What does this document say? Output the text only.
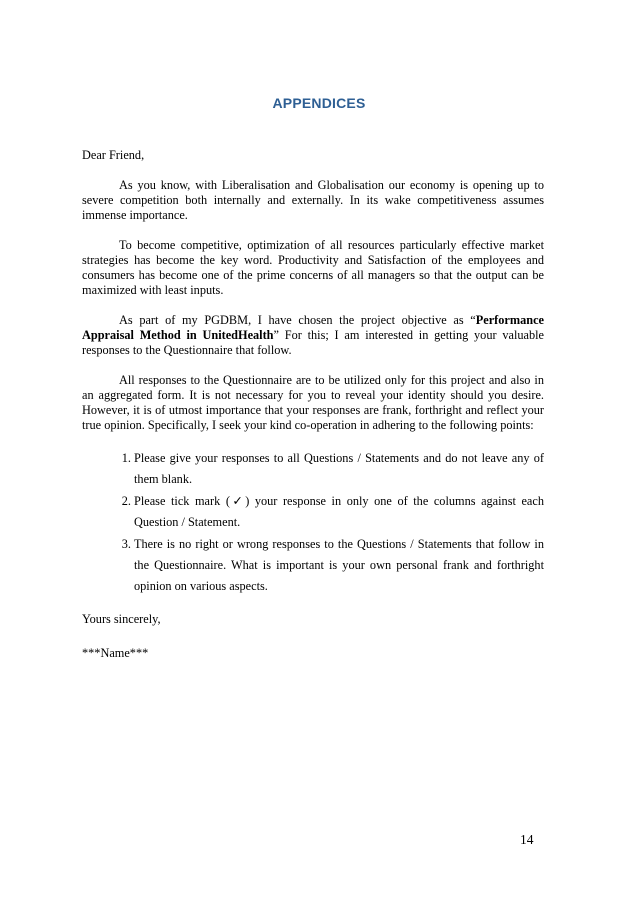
APPENDICES

Dear Friend,

As you know, with Liberalisation and Globalisation our economy is opening up to severe competition both internally and externally. In its wake competitiveness assumes immense importance.

To become competitive, optimization of all resources particularly effective market strategies has become the key word. Productivity and Satisfaction of the employees and consumers has become one of the prime concerns of all managers so that the output can be maximized with least inputs.

As part of my PGDBM, I have chosen the project objective as “Performance Appraisal Method in UnitedHealth” For this; I am interested in getting your valuable responses to the Questionnaire that follow.

All responses to the Questionnaire are to be utilized only for this project and also in an aggregated form. It is not necessary for you to reveal your identity should you desire. However, it is of utmost importance that your responses are frank, forthright and reflect your true opinion. Specifically, I seek your kind co-operation in adhering to the following points:

1. Please give your responses to all Questions / Statements and do not leave any of them blank.
2. Please tick mark (✓) your response in only one of the columns against each Question / Statement.
3. There is no right or wrong responses to the Questions / Statements that follow in the Questionnaire. What is important is your own personal frank and forthright opinion on various aspects.

Yours sincerely,

***Name***

14
